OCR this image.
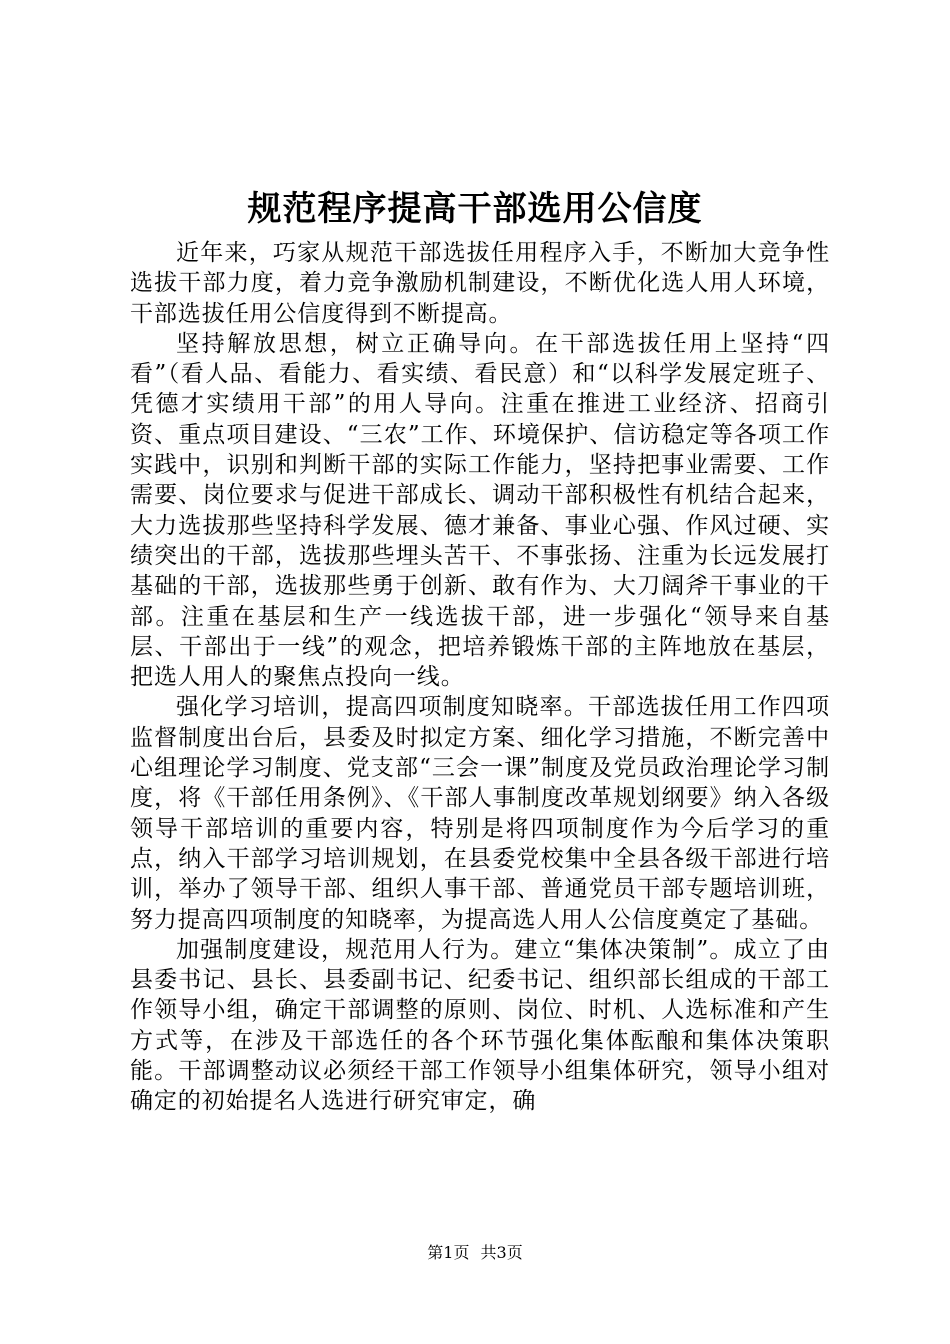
规范程序提高干部选用公信度

近年来，巧家从规范干部选拔任用程序入手，不断加大竞争性选拔干部力度，着力竞争激励机制建设，不断优化选人用人环境，干部选拔任用公信度得到不断提高。

坚持解放思想，树立正确导向。在干部选拔任用上坚持“四看”（看人品、看能力、看实绩、看民意）和“以科学发展定班子、凭德才实绩用干部”的用人导向。注重在推进工业经济、招商引资、重点项目建设、“三农”工作、环境保护、信访稳定等各项工作实践中，识别和判断干部的实际工作能力，坚持把事业需要、工作需要、岗位要求与促进干部成长、调动干部积极性有机结合起来，大力选拔那些坚持科学发展、德才兼备、事业心强、作风过硬、实绩突出的干部，选拔那些埋头苦干、不事张扬、注重为长远发展打基础的干部，选拔那些勇于创新、敢有作为、大刀阔斧干事业的干部。注重在基层和生产一线选拔干部，进一步强化“领导来自基层、干部出于一线”的观念，把培养锻炼干部的主阵地放在基层，把选人用人的聚焦点投向一线。

强化学习培训，提高四项制度知晓率。干部选拔任用工作四项监督制度出台后，县委及时拟定方案、细化学习措施，不断完善中心组理论学习制度、党支部“三会一课”制度及党员政治理论学习制度，将《干部任用条例》、《干部人事制度改革规划纲要》纳入各级领导干部培训的重要内容，特别是将四项制度作为今后学习的重点，纳入干部学习培训规划，在县委党校集中全县各级干部进行培训，举办了领导干部、组织人事干部、普通党员干部专题培训班，努力提高四项制度的知晓率，为提高选人用人公信度奠定了基础。

加强制度建设，规范用人行为。建立“集体决策制”。成立了由县委书记、县长、县委副书记、纪委书记、组织部长组成的干部工作领导小组，确定干部调整的原则、岗位、时机、人选标准和产生方式等，在涉及干部选任的各个环节强化集体酝酿和集体决策职能。干部调整动议必须经干部工作领导小组集体研究，领导小组对确定的初始提名人选进行研究审定，确

第1页 共3页
